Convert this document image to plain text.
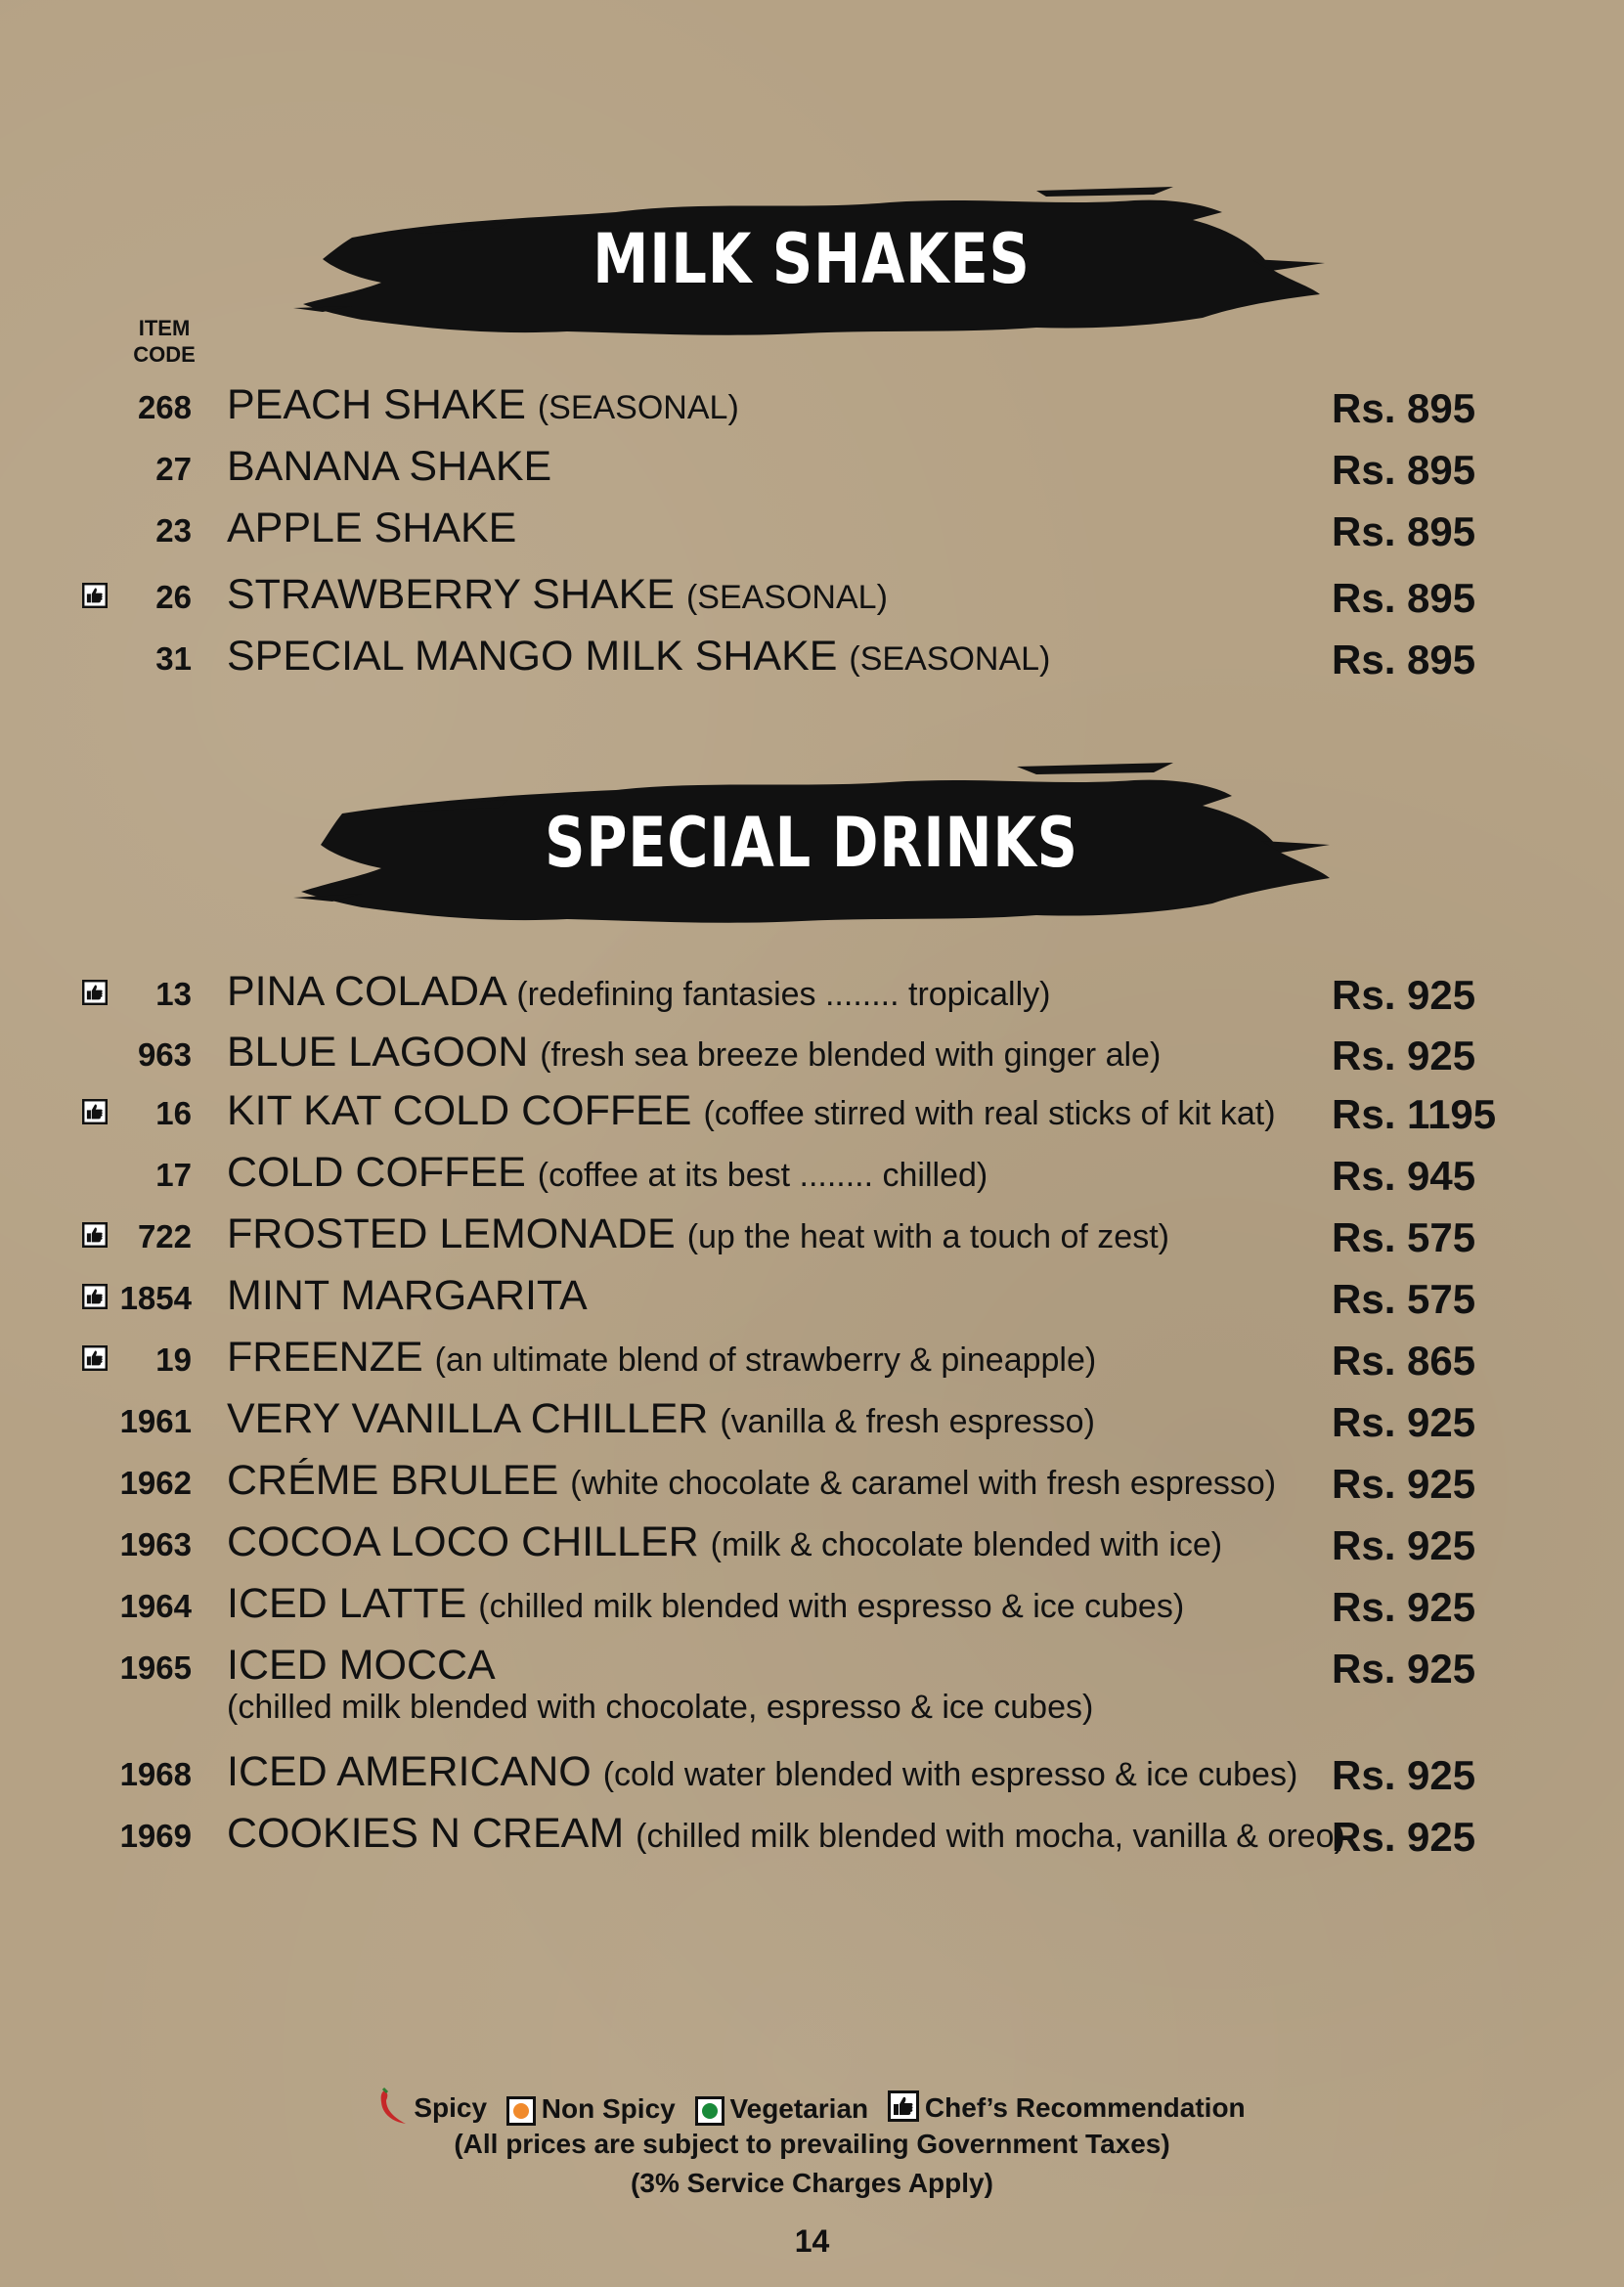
MILK SHAKES
ITEM CODE
268 PEACH SHAKE (SEASONAL)	Rs. 895
27 BANANA SHAKE	Rs. 895
23 APPLE SHAKE	Rs. 895
26 STRAWBERRY SHAKE (SEASONAL)	Rs. 895
31 SPECIAL MANGO MILK SHAKE (SEASONAL)	Rs. 895
SPECIAL DRINKS
13 PINA COLADA (redefining fantasies ........ tropically)	Rs. 925
963 BLUE LAGOON (fresh sea breeze blended with ginger ale)	Rs. 925
16 KIT KAT COLD COFFEE (coffee stirred with real sticks of kit kat) Rs. 1195
17 COLD COFFEE (coffee at its best ........ chilled)	Rs. 945
722 FROSTED LEMONADE (up the heat with a touch of zest)	Rs. 575
1854 MINT MARGARITA	Rs. 575
19 FREENZE (an ultimate blend of strawberry & pineapple)	Rs. 865
1961 VERY VANILLA CHILLER (vanilla & fresh espresso)	Rs. 925
1962 CRÉME BRULEE (white chocolate & caramel with fresh espresso) Rs. 925
1963 COCOA LOCO CHILLER (milk & chocolate blended with ice)	Rs. 925
1964 ICED LATTE (chilled milk blended with espresso & ice cubes)	Rs. 925
1965 ICED MOCCA
(chilled milk blended with chocolate, espresso & ice cubes)
Rs. 925
1968 ICED AMERICANO (cold water blended with espresso & ice cubes) Rs. 925
1969 COOKIES N CREAM (chilled milk blended with mocha, vanilla & oreo)
Rs. 925
Spicy Non Spicy Vegetarian Chef’s Recommendation
(All prices are subject to prevailing Government Taxes)
(3% Service Charges Apply)
14
